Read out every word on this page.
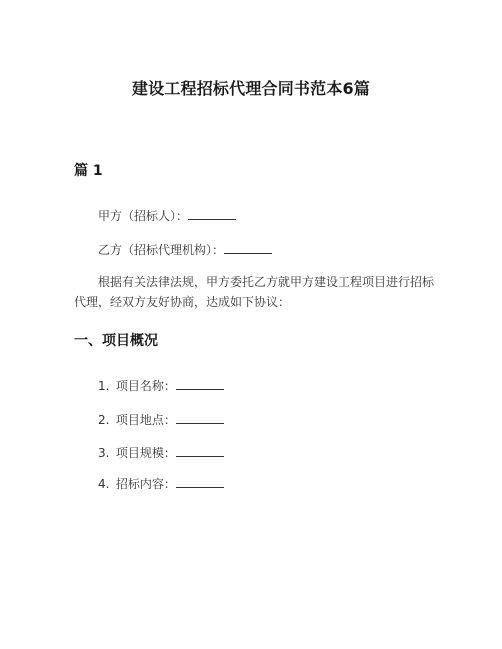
建设工程招标代理合同书范本6篇
篇 1
甲方（招标人）：
乙方（招标代理机构）：
根据有关法律法规，甲方委托乙方就甲方建设工程项目进行招标代理，经双方友好协商，达成如下协议：
一、项目概况
1. 项目名称：
2. 项目地点：
3. 项目规模：
4. 招标内容：
